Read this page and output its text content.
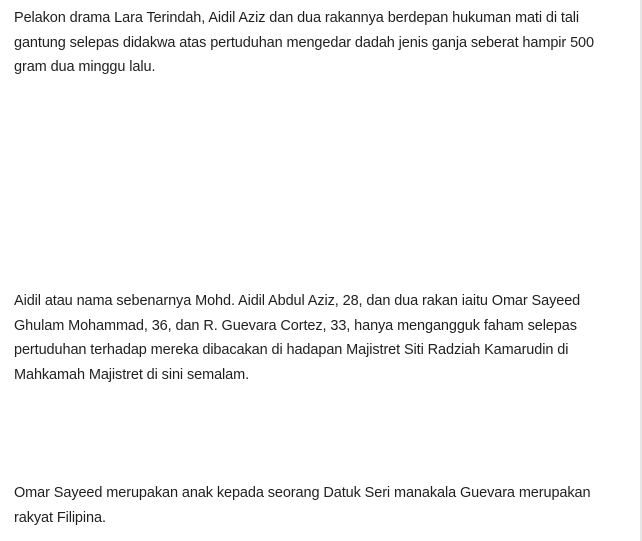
Pelakon drama Lara Terindah, Aidil Aziz dan dua rakannya berdepan hukuman mati di tali gantung selepas didakwa atas pertuduhan mengedar dadah jenis ganja seberat hampir 500 gram dua minggu lalu.

Aidil atau nama sebenarnya Mohd. Aidil Abdul Aziz, 28, dan dua rakan iaitu Omar Sayeed Ghulam Mohammad, 36, dan R. Guevara Cortez, 33, hanya mengangguk faham selepas pertuduhan terhadap mereka dibacakan di hadapan Majistret Siti Radziah Kamarudin di Mahkamah Majistret di sini semalam.

Omar Sayeed merupakan anak kepada seorang Datuk Seri manakala Guevara merupakan rakyat Filipina.
